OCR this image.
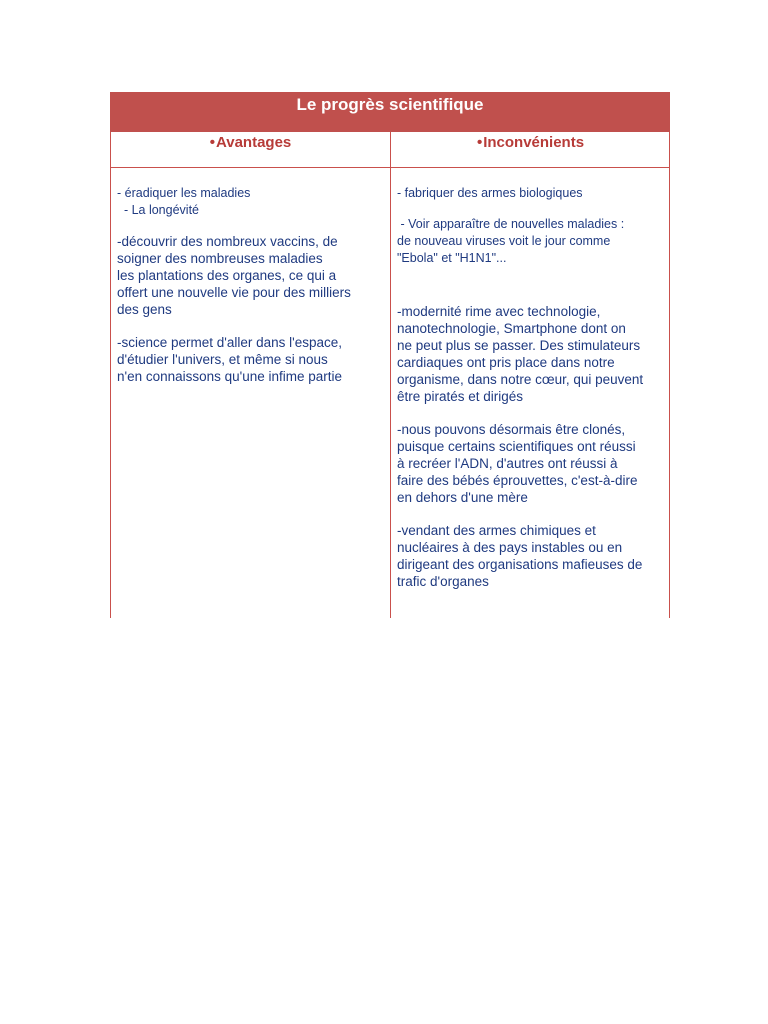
Le progrès scientifique
•Avantages	•Inconvénients
- éradiquer les maladies
- La longévité
-découvrir des nombreux vaccins, de
soigner des nombreuses maladies
les plantations des organes, ce qui a
offert une nouvelle vie pour des milliers
des gens
-science permet d'aller dans l'espace,
d'étudier l'univers, et même si nous
n'en connaissons qu'une infime partie
- fabriquer des armes biologiques
- Voir apparaître de nouvelles maladies :
de nouveau viruses voit le jour comme
"Ebola" et "H1N1"...
-modernité rime avec technologie,
nanotechnologie, Smartphone dont on
ne peut plus se passer. Des stimulateurs
cardiaques ont pris place dans notre
organisme, dans notre cœur, qui peuvent
être piratés et dirigés
-nous pouvons désormais être clonés,
puisque certains scientifiques ont réussi
à recréer l'ADN, d'autres ont réussi à
faire des bébés éprouvettes, c'est-à-dire
en dehors d'une mère
-vendant des armes chimiques et
nucléaires à des pays instables ou en
dirigeant des organisations mafieuses de
trafic d'organes
